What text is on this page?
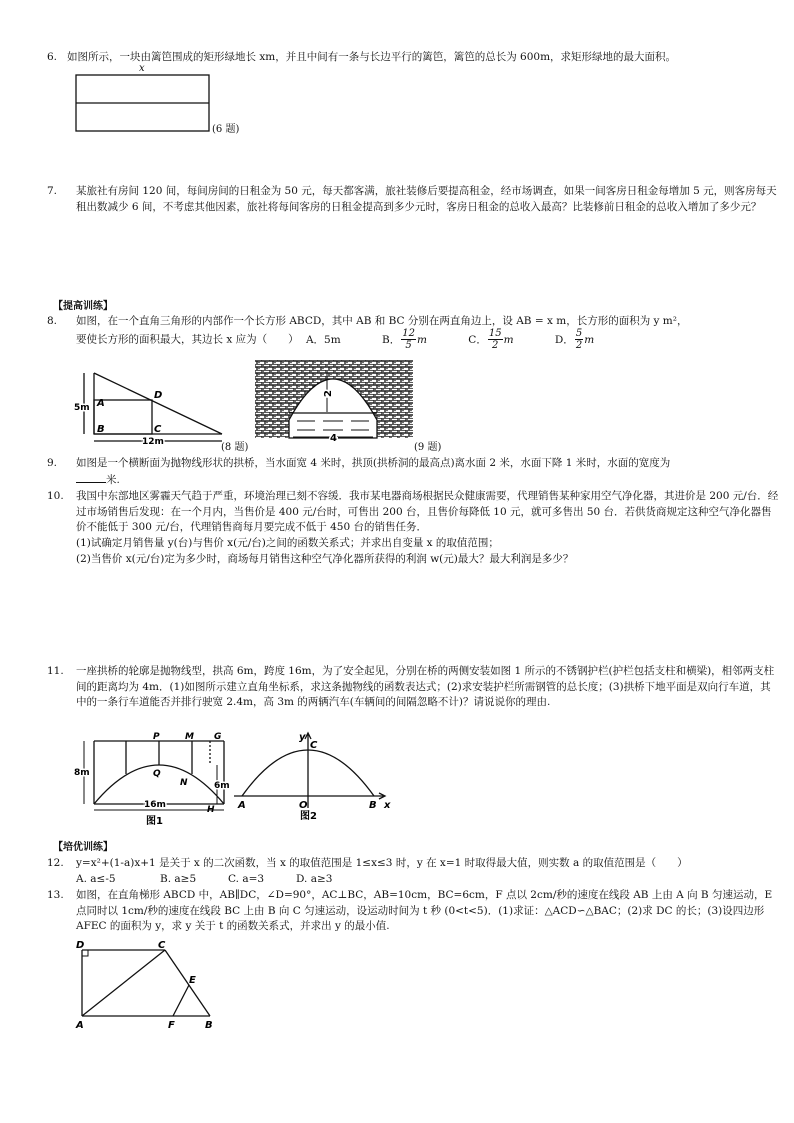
6. 如图所示，一块由篱笆围成的矩形绿地长 xm，并且中间有一条与长边平行的篱笆，篱笆的总长为 600m，求矩形绿地的最大面积。
x
(6 题)
7. 某旅社有房间 120 间，每间房间的日租金为 50 元，每天都客满，旅社装修后要提高租金，经市场调查，如果一间客房日租金每增加 5 元，则客房每天租出数减少 6 间，不考虑其他因素，旅社将每间客房的日租金提高到多少元时，客房日租金的总收入最高？比装修前日租金的总收入增加了多少元？
【提高训练】
8. 如图，在一个直角三角形的内部作一个长方形 ABCD，其中 AB 和 BC 分别在两直角边上，设 AB = x m，长方形的面积为 y m²，
要使长方形的面积最大，其边长 x 应为（　　） A．5m	B． $\frac{12}{5}$ m	C． $\frac{15}{2}$ m	D． $\frac{5}{2}$ m
A
B	C
D
5m
12m	(8 题)
2
4
(9 题)
9. 如图是一个横断面为抛物线形状的拱桥，当水面宽 4 米时，拱顶(拱桥洞的最高点)离水面 2 米，水面下降 1 米时，水面的宽度为
米.
10. 我国中东部地区雾霾天气趋于严重，环境治理已刻不容缓．我市某电器商场根据民众健康需要，代理销售某种家用空气净化器，其进价是 200 元/台．经过市场销售后发现：在一个月内，当售价是 400 元/台时，可售出 200 台，且售价每降低 10 元，就可多售出 50 台．若供货商规定这种空气净化器售价不能低于 300 元/台，代理销售商每月要完成不低于 450 台的销售任务．
(1)试确定月销售量 y(台)与售价 x(元/台)之间的函数关系式；并求出自变量 x 的取值范围；
(2)当售价 x(元/台)定为多少时，商场每月销售这种空气净化器所获得的利润 w(元)最大？最大利润是多少？
11. 一座拱桥的轮廓是抛物线型，拱高 6m，跨度 16m，为了安全起见，分别在桥的两侧安装如图 1 所示的不锈钢护栏(护栏包括支柱和横梁)，相邻两支柱间的距离均为 4m．(1)如图所示建立直角坐标系，求这条抛物线的函数表达式；(2)求安装护栏所需钢管的总长度；(3)拱桥下地平面是双向行车道，其中的一条行车道能否并排行驶宽 2.4m，高 3m 的两辆汽车(车辆间的间隔忽略不计)？请说说你的理由.
P	M G
Q
N
H
8m
6m
16m
图1
y
C
A	O	B x
图2
【培优训练】
12. y=x²+(1-a)x+1 是关于 x 的二次函数，当 x 的取值范围是 1≤x≤3 时，y 在 x=1 时取得最大值，则实数 a 的取值范围是（　　）
A. a≤-5	B. a≥5	C. a=3	D. a≥3
13. 如图，在直角梯形 ABCD 中，AB∥DC，∠D=90°，AC⊥BC，AB=10cm，BC=6cm，F 点以 2cm/秒的速度在线段 AB 上由 A 向 B 匀速运动，E 点同时以 1cm/秒的速度在线段 BC 上由 B 向 C 匀速运动，设运动时间为 t 秒 (0<t<5)．(1)求证：△ACD∽△BAC；(2)求 DC 的长；(3)设四边形 AFEC 的面积为 y，求 y 关于 t 的函数关系式，并求出 y 的最小值.
D	C
E
A	F	B
